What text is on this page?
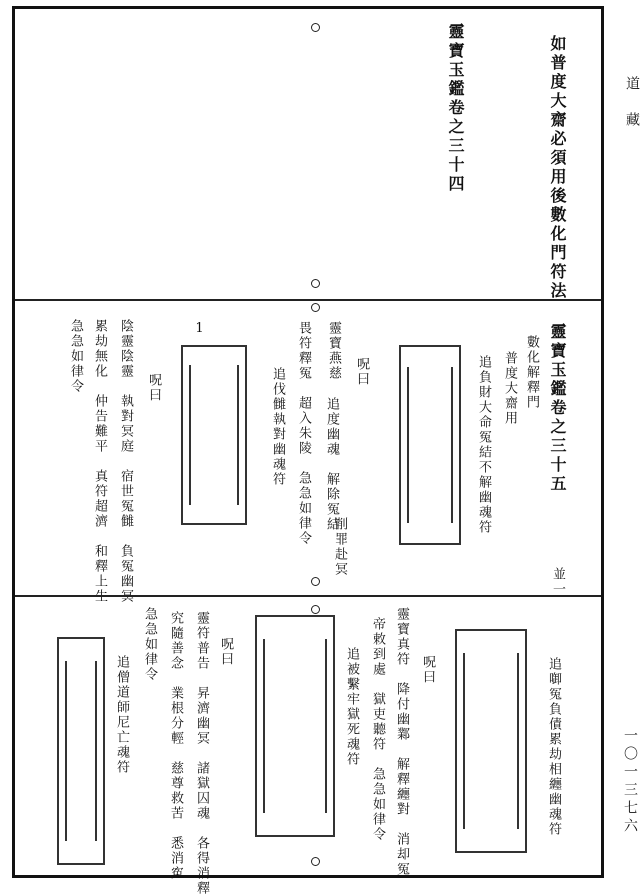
道
藏
一〇一三七六
如普度大齋必須用後數化門符法
靈寶玉鑑卷之三十四
靈寶玉鑑卷之三十五
並一
數化解釋門
普度大齋用
追負財大命冤結不解幽魂符
呪曰
靈寶燕慈
追度幽魂　解除冤結
削罪赴冥
畏符釋冤　超入朱陵　急急如律令
追伐雠執對幽魂符
1
呪曰
陰靈陰靈　執對冥庭　宿世冤雠　負冤幽冥
累劫無化　仲告難平　真符超濟　和釋上生
急急如律令
追啣冤負債累劫相纏幽魂符
呪曰
靈寶真符　降付幽鄴　解釋纏對　消却冤
帝敕到處　獄吏聽符　急急如律令
追被繫牢獄死魂符
呪曰
靈符普告　昇濟幽冥　諸獄囚魂　各得消釋
究隨善念　業根分輕　慈尊救苦　悉消寃
急急如律令
追僧道師尼亡魂符
